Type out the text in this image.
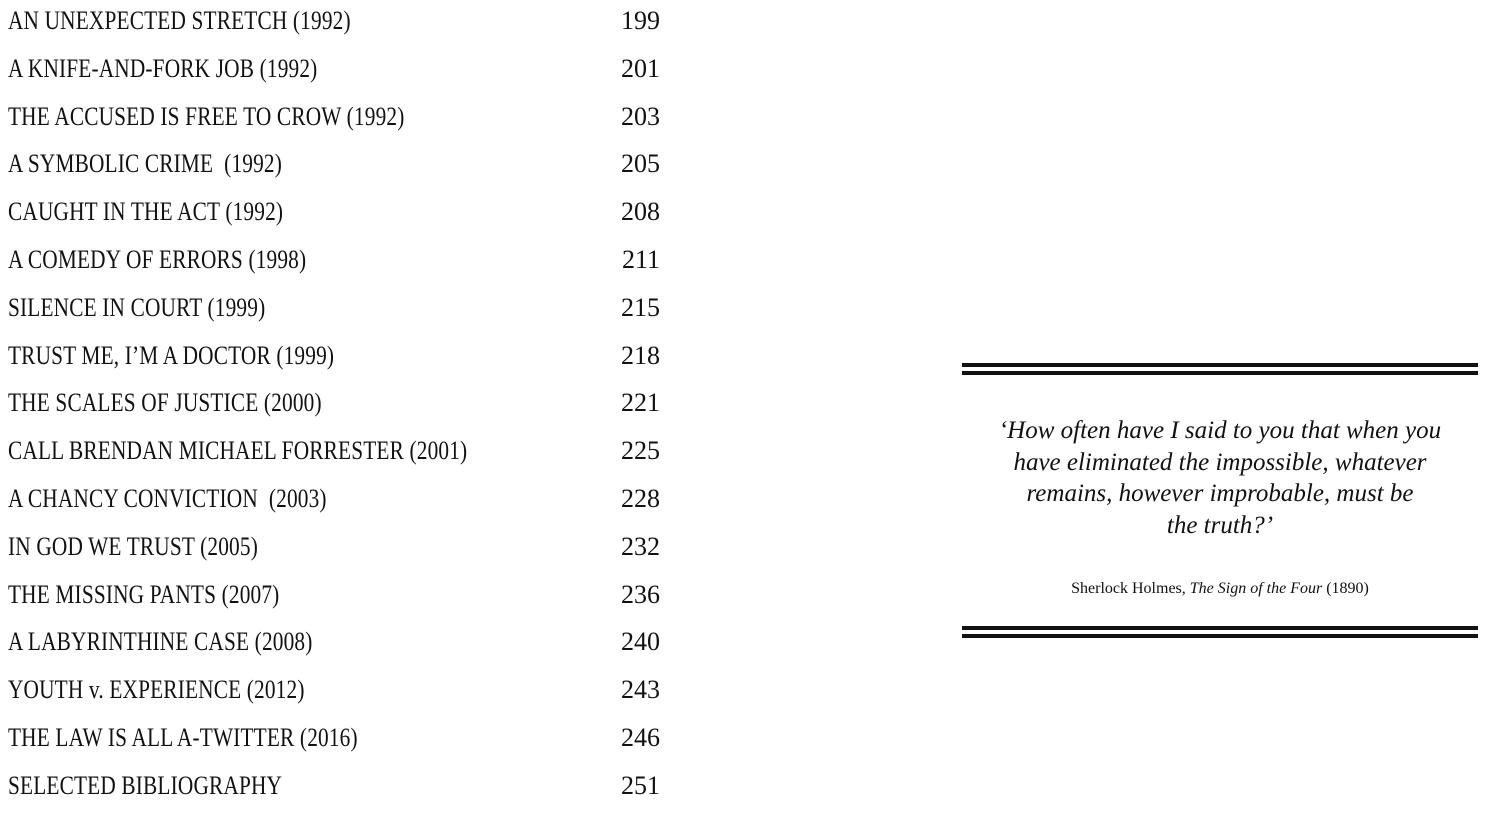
AN UNEXPECTED STRETCH (1992)	199
A KNIFE-AND-FORK JOB (1992)	201
THE ACCUSED IS FREE TO CROW (1992)	203
A SYMBOLIC CRIME  (1992)	205
CAUGHT IN THE ACT (1992)	208
A COMEDY OF ERRORS (1998)	211
SILENCE IN COURT (1999)	215
TRUST ME, I’M A DOCTOR (1999)	218
THE SCALES OF JUSTICE (2000)	221
CALL BRENDAN MICHAEL FORRESTER (2001)	225
A CHANCY CONVICTION  (2003)	228
IN GOD WE TRUST (2005)	232
THE MISSING PANTS (2007)	236
A LABYRINTHINE CASE (2008)	240
YOUTH v. EXPERIENCE (2012)	243
THE LAW IS ALL A-TWITTER (2016)	246
SELECTED BIBLIOGRAPHY	251
‘How often have I said to you that when you
have eliminated the impossible, whatever
remains, however improbable, must be
the truth?’
Sherlock Holmes, The Sign of the Four (1890)
